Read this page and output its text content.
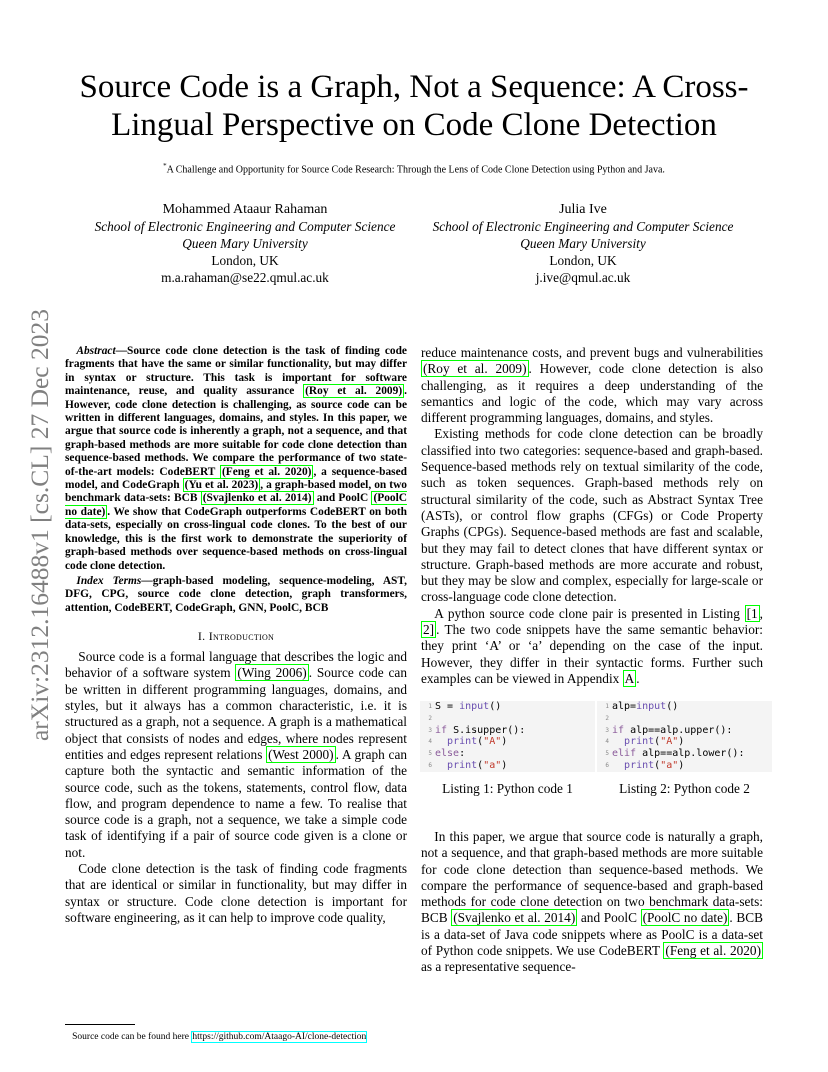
arXiv:2312.16488v1 [cs.CL] 27 Dec 2023
Source Code is a Graph, Not a Sequence: A Cross-Lingual Perspective on Code Clone Detection
*A Challenge and Opportunity for Source Code Research: Through the Lens of Code Clone Detection using Python and Java.
Mohammed Ataaur Rahaman
School of Electronic Engineering and Computer Science
Queen Mary University
London, UK
m.a.rahaman@se22.qmul.ac.uk
Julia Ive
School of Electronic Engineering and Computer Science
Queen Mary University
London, UK
j.ive@qmul.ac.uk

Abstract—Source code clone detection is the task of finding code fragments that have the same or similar functionality, but may differ in syntax or structure. This task is important for software maintenance, reuse, and quality assurance (Roy et al. 2009) . However, code clone detection is challenging, as source code can be written in different languages, domains, and styles. In this paper, we argue that source code is inherently a graph, not a sequence, and that graph-based methods are more suitable for code clone detection than sequence-based methods. We compare the performance of two state-of-the-art models: CodeBERT (Feng et al. 2020) , a sequence-based model, and CodeGraph (Yu et al. 2023) , a graph-based model, on two benchmark data-sets: BCB (Svajlenko et al. 2014) and PoolC (PoolC no date) . We show that CodeGraph outperforms CodeBERT on both data-sets, especially on cross-lingual code clones. To the best of our knowledge, this is the first work to demonstrate the superiority of graph-based methods over sequence-based methods on cross-lingual code clone detection.

Index Terms—graph-based modeling, sequence-modeling, AST, DFG, CPG, source code clone detection, graph transformers, attention, CodeBERT, CodeGraph, GNN, PoolC, BCB

I. Introduction

Source code is a formal language that describes the logic and behavior of a software system (Wing 2006) . Source code can be written in different programming languages, domains, and styles, but it always has a common characteristic, i.e. it is structured as a graph, not a sequence. A graph is a mathematical object that consists of nodes and edges, where nodes represent entities and edges represent relations (West 2000) . A graph can capture both the syntactic and semantic information of the source code, such as the tokens, statements, control flow, data flow, and program dependence to name a few. To realise that source code is a graph, not a sequence, we take a simple code task of identifying if a pair of source code given is a clone or not.

Code clone detection is the task of finding code fragments that are identical or similar in functionality, but may differ in syntax or structure. Code clone detection is important for software engineering, as it can help to improve code quality,

Source code can be found here https://github.com/Ataago-AI/clone-detection

reduce maintenance costs, and prevent bugs and vulnerabilities (Roy et al. 2009) . However, code clone detection is also challenging, as it requires a deep understanding of the semantics and logic of the code, which may vary across different programming languages, domains, and styles.

Existing methods for code clone detection can be broadly classified into two categories: sequence-based and graph-based. Sequence-based methods rely on textual similarity of the code, such as token sequences. Graph-based methods rely on structural similarity of the code, such as Abstract Syntax Tree (ASTs), or control flow graphs (CFGs) or Code Property Graphs (CPGs). Sequence-based methods are fast and scalable, but they may fail to detect clones that have different syntax or structure. Graph-based methods are more accurate and robust, but they may be slow and complex, especially for large-scale or cross-language code clone detection.

A python source code clone pair is presented in Listing [1 , 2] . The two code snippets have the same semantic behavior: they print ‘A’ or ‘a’ depending on the case of the input. However, they differ in their syntactic forms. Further such examples can be viewed in Appendix A .

1 S = input()
2
3 if S.isupper():
4	print("A")
5 else:
6	print("a")
Listing 1: Python code 1
1 alp=input()
2
3 if alp==alp.upper():
4	print("A")
5 elif alp==alp.lower():
6	print("a")
Listing 2: Python code 2

In this paper, we argue that source code is naturally a graph, not a sequence, and that graph-based methods are more suitable for code clone detection than sequence-based methods. We compare the performance of sequence-based and graph-based methods for code clone detection on two benchmark data-sets: BCB (Svajlenko et al. 2014) and PoolC (PoolC no date) . BCB is a data-set of Java code snippets where as PoolC is a data-set of Python code snippets. We use CodeBERT (Feng et al. 2020) as a representative sequence-
